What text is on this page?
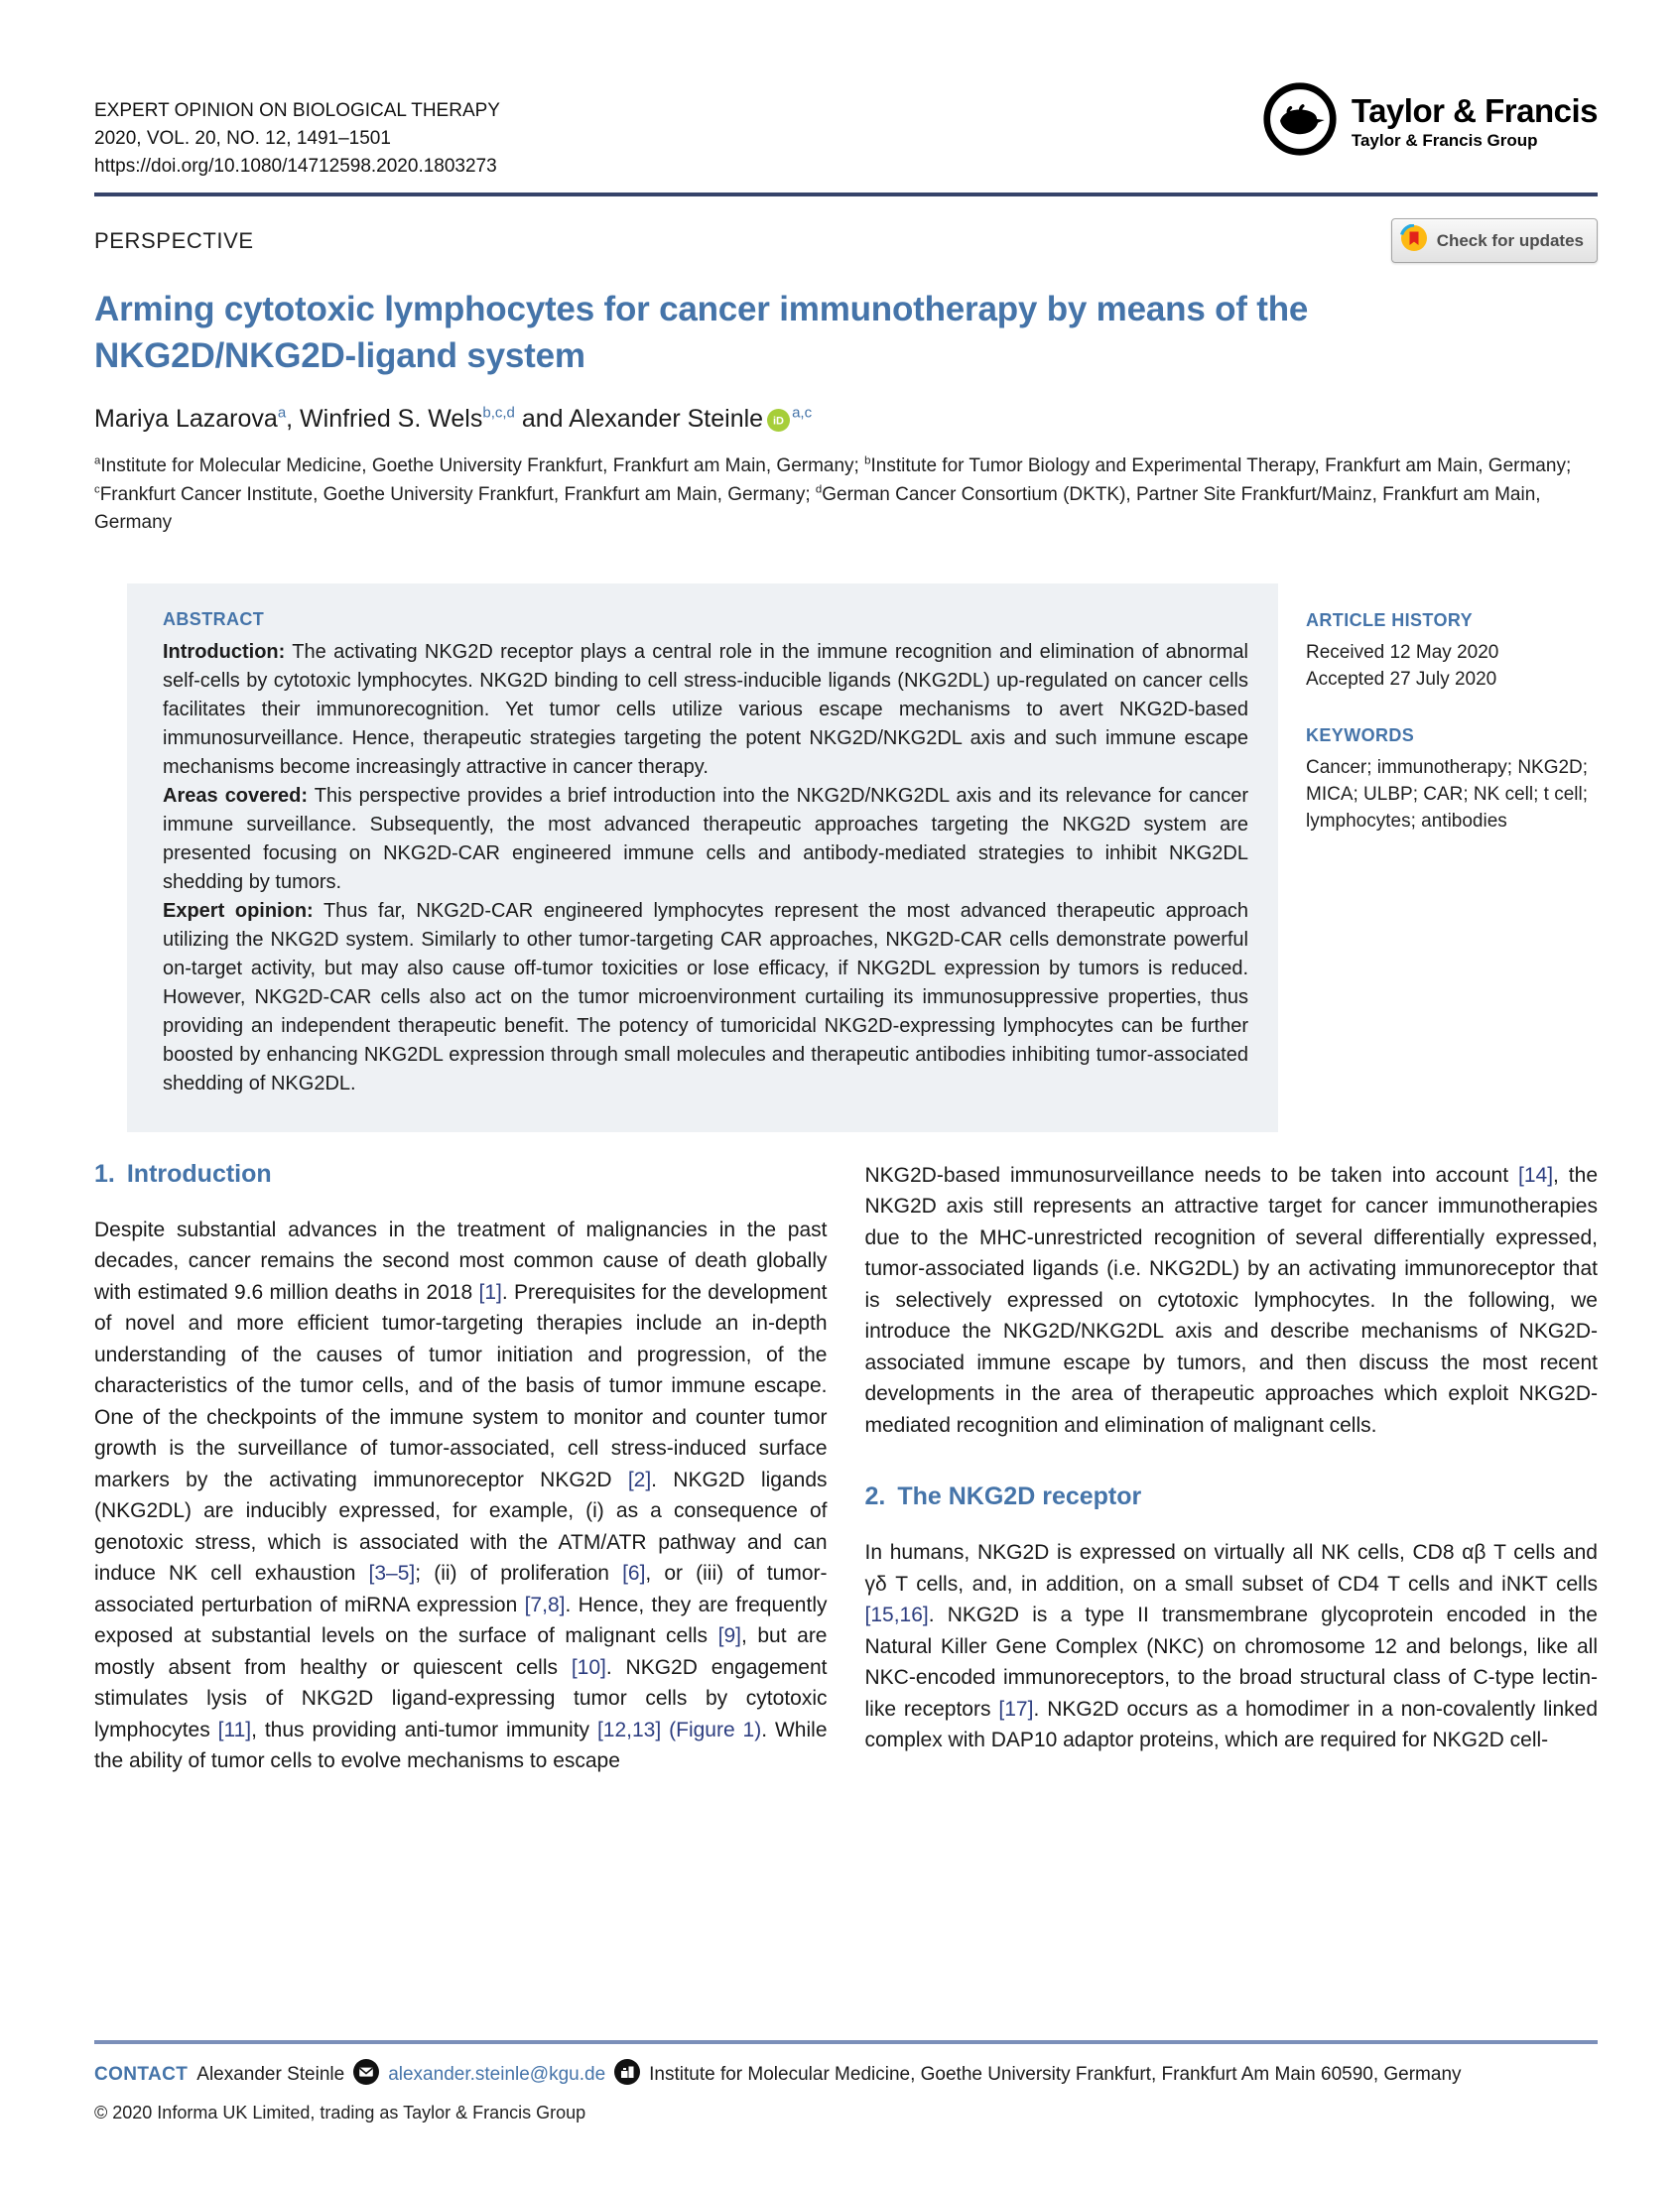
EXPERT OPINION ON BIOLOGICAL THERAPY
2020, VOL. 20, NO. 12, 1491–1501
https://doi.org/10.1080/14712598.2020.1803273
Taylor & Francis
Taylor & Francis Group
PERSPECTIVE	Check for updates
Arming cytotoxic lymphocytes for cancer immunotherapy by means of the NKG2D/NKG2D-ligand system
Mariya Lazarova$^a$, Winfried S. Wels$^{b,c,d}$ and Alexander Steinle iD $^{a,c}$
$^a$Institute for Molecular Medicine, Goethe University Frankfurt, Frankfurt am Main, Germany; $^b$Institute for Tumor Biology and Experimental Therapy, Frankfurt am Main, Germany; $^c$Frankfurt Cancer Institute, Goethe University Frankfurt, Frankfurt am Main, Germany; $^d$German Cancer Consortium (DKTK), Partner Site Frankfurt/Mainz, Frankfurt am Main, Germany
ABSTRACT

Introduction: The activating NKG2D receptor plays a central role in the immune recognition and elimination of abnormal self-cells by cytotoxic lymphocytes. NKG2D binding to cell stress-inducible ligands (NKG2DL) up-regulated on cancer cells facilitates their immunorecognition. Yet tumor cells utilize various escape mechanisms to avert NKG2D-based immunosurveillance. Hence, therapeutic strategies targeting the potent NKG2D/NKG2DL axis and such immune escape mechanisms become increasingly attractive in cancer therapy.

Areas covered: This perspective provides a brief introduction into the NKG2D/NKG2DL axis and its relevance for cancer immune surveillance. Subsequently, the most advanced therapeutic approaches targeting the NKG2D system are presented focusing on NKG2D-CAR engineered immune cells and antibody-mediated strategies to inhibit NKG2DL shedding by tumors.

Expert opinion: Thus far, NKG2D-CAR engineered lymphocytes represent the most advanced therapeutic approach utilizing the NKG2D system. Similarly to other tumor-targeting CAR approaches, NKG2D-CAR cells demonstrate powerful on-target activity, but may also cause off-tumor toxicities or lose efficacy, if NKG2DL expression by tumors is reduced. However, NKG2D-CAR cells also act on the tumor microenvironment curtailing its immunosuppressive properties, thus providing an independent therapeutic benefit. The potency of tumoricidal NKG2D-expressing lymphocytes can be further boosted by enhancing NKG2DL expression through small molecules and therapeutic antibodies inhibiting tumor-associated shedding of NKG2DL.

ARTICLE HISTORY
Received 12 May 2020
Accepted 27 July 2020
KEYWORDS
Cancer; immunotherapy; NKG2D; MICA; ULBP; CAR; NK cell; t cell; lymphocytes; antibodies
1. Introduction

Despite substantial advances in the treatment of malignancies in the past decades, cancer remains the second most common cause of death globally with estimated 9.6 million deaths in 2018 [1]. Prerequisites for the development of novel and more efficient tumor-targeting therapies include an in-depth understanding of the causes of tumor initiation and progression, of the characteristics of the tumor cells, and of the basis of tumor immune escape. One of the checkpoints of the immune system to monitor and counter tumor growth is the surveillance of tumor-associated, cell stress-induced surface markers by the activating immunoreceptor NKG2D [2]. NKG2D ligands (NKG2DL) are inducibly expressed, for example, (i) as a consequence of genotoxic stress, which is associated with the ATM/ATR pathway and can induce NK cell exhaustion [3–5]; (ii) of proliferation [6], or (iii) of tumor-associated perturbation of miRNA expression [7,8]. Hence, they are frequently exposed at substantial levels on the surface of malignant cells [9], but are mostly absent from healthy or quiescent cells [10]. NKG2D engagement stimulates lysis of NKG2D ligand-expressing tumor cells by cytotoxic lymphocytes [11], thus providing anti-tumor immunity [12,13] (Figure 1). While the ability of tumor cells to evolve mechanisms to escape

NKG2D-based immunosurveillance needs to be taken into account [14], the NKG2D axis still represents an attractive target for cancer immunotherapies due to the MHC-unrestricted recognition of several differentially expressed, tumor-associated ligands (i.e. NKG2DL) by an activating immunoreceptor that is selectively expressed on cytotoxic lymphocytes. In the following, we introduce the NKG2D/NKG2DL axis and describe mechanisms of NKG2D-associated immune escape by tumors, and then discuss the most recent developments in the area of therapeutic approaches which exploit NKG2D-mediated recognition and elimination of malignant cells.

2. The NKG2D receptor

In humans, NKG2D is expressed on virtually all NK cells, CD8 αβ T cells and γδ T cells, and, in addition, on a small subset of CD4 T cells and iNKT cells [15,16]. NKG2D is a type II transmembrane glycoprotein encoded in the Natural Killer Gene Complex (NKC) on chromosome 12 and belongs, like all NKC-encoded immunoreceptors, to the broad structural class of C-type lectin-like receptors [17]. NKG2D occurs as a homodimer in a non-covalently linked complex with DAP10 adaptor proteins, which are required for NKG2D cell-

CONTACT Alexander Steinle alexander.steinle@kgu.de Institute for Molecular Medicine, Goethe University Frankfurt, Frankfurt Am Main 60590, Germany
© 2020 Informa UK Limited, trading as Taylor & Francis Group
